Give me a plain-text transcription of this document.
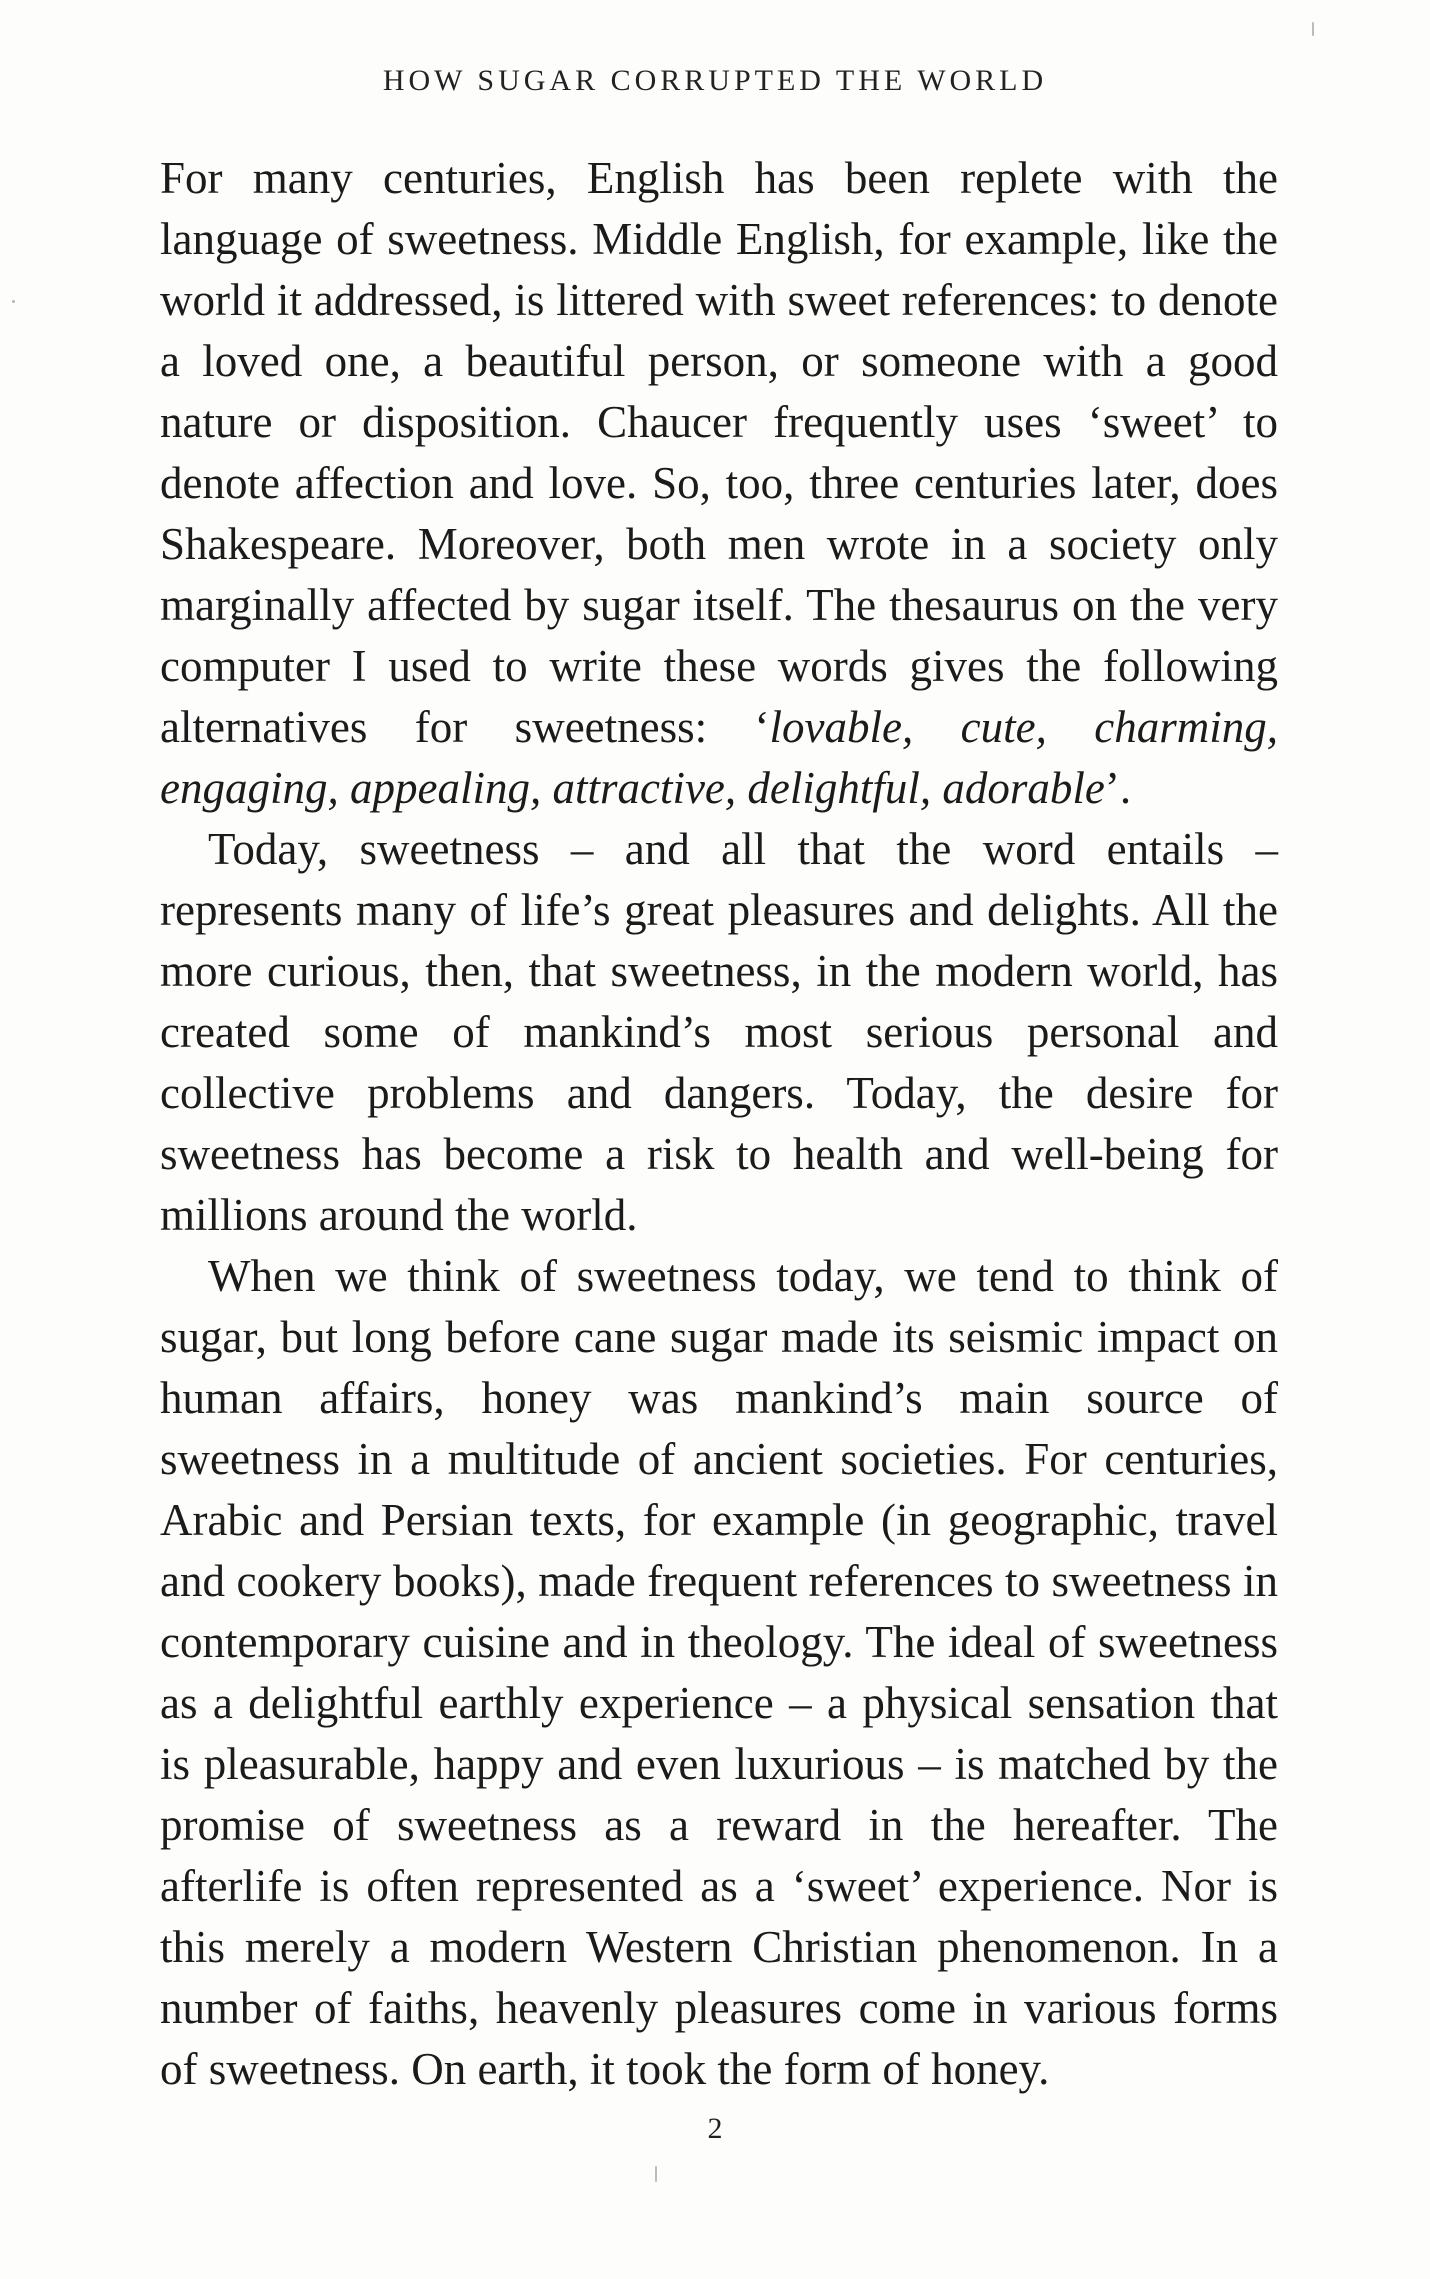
HOW SUGAR CORRUPTED THE WORLD

For many centuries, English has been replete with the language of sweetness. Middle English, for example, like the world it addressed, is littered with sweet references: to denote a loved one, a beautiful person, or someone with a good nature or disposition. Chaucer frequently uses ‘sweet’ to denote affection and love. So, too, three centuries later, does Shakespeare. Moreover, both men wrote in a society only marginally affected by sugar itself. The thesaurus on the very computer I used to write these words gives the following alternatives for sweetness: ‘lovable, cute, charming, engaging, appealing, attractive, delightful, adorable’.

Today, sweetness – and all that the word entails – represents many of life’s great pleasures and delights. All the more curious, then, that sweetness, in the modern world, has created some of mankind’s most serious personal and collective problems and dangers. Today, the desire for sweetness has become a risk to health and well-being for millions around the world.

When we think of sweetness today, we tend to think of sugar, but long before cane sugar made its seismic impact on human affairs, honey was mankind’s main source of sweetness in a multitude of ancient societies. For centuries, Arabic and Persian texts, for example (in geographic, travel and cookery books), made frequent references to sweetness in contemporary cuisine and in theology. The ideal of sweetness as a delightful earthly experience – a physical sensation that is pleasurable, happy and even luxurious – is matched by the promise of sweetness as a reward in the hereafter. The afterlife is often represented as a ‘sweet’ experience. Nor is this merely a modern Western Christian phenomenon. In a number of faiths, heavenly pleasures come in various forms of sweetness. On earth, it took the form of honey.

2
